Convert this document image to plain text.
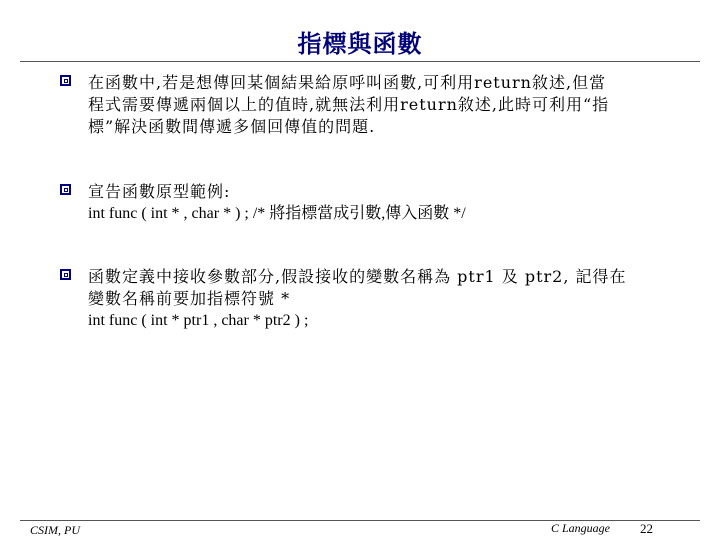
指標與函數
在函數中,若是想傳回某個結果給原呼叫函數,可利用return敘述,但當
程式需要傳遞兩個以上的值時,就無法利用return敘述,此時可利用“指
標”解決函數間傳遞多個回傳值的問題.
宣告函數原型範例:
int func ( int * , char * ) ; /* 將指標當成引數,傳入函數 */
函數定義中接收參數部分,假設接收的變數名稱為 ptr1 及 ptr2, 記得在
變數名稱前要加指標符號 *
int func ( int * ptr1 , char * ptr2 ) ;
CSIM, PU	C Language 22
